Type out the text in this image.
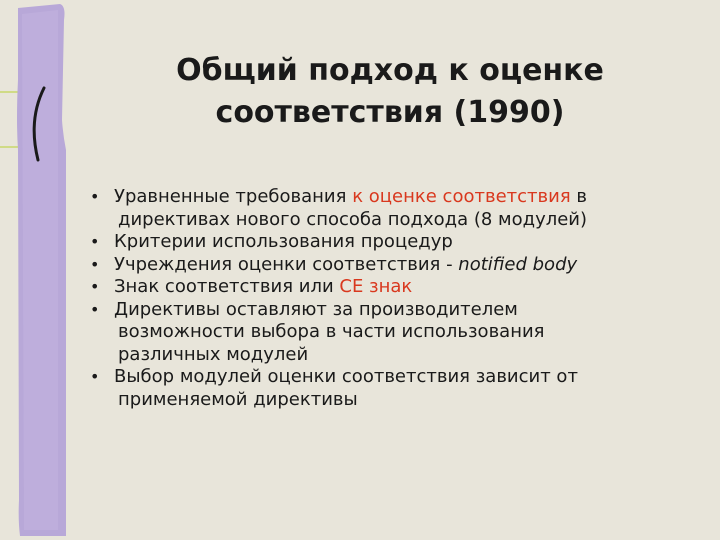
Общий подход к оценке
соответствия (1990)
• Уравненные требования к оценке соответствия в
директивах нового способа подхода (8 модулей)
• Критерии использования процедур
• Учреждения оценки соответствия - notified body
• Знак соответствия или CE знак
• Директивы оставляют за производителем
возможности выбора в части использования
различных модулей
• Выбор модулей оценки соответствия зависит от
применяемой директивы
